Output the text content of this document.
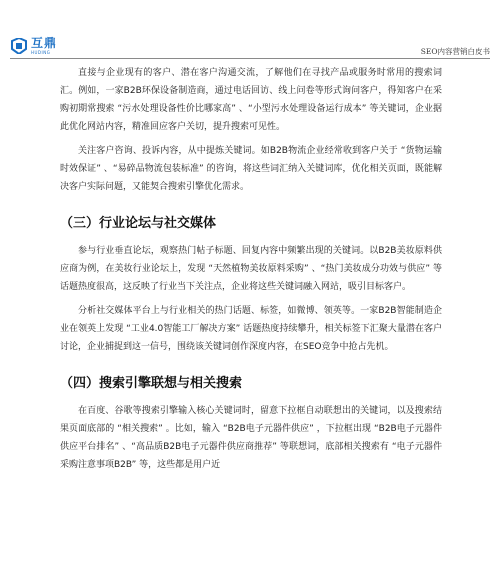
互鼎
HUDING	SEO内容营销白皮书

直接与企业现有的客户、潜在客户沟通交流，了解他们在寻找产品或服务时常用的搜索词汇。例如，一家B2B环保设备制造商，通过电话回访、线上问卷等形式询问客户，得知客户在采购初期常搜索 “污水处理设备性价比哪家高” 、“小型污水处理设备运行成本” 等关键词，企业据此优化网站内容，精准回应客户关切，提升搜索可见性。

关注客户咨询、投诉内容，从中提炼关键词。如B2B物流企业经常收到客户关于 “货物运输时效保证” 、“易碎品物流包装标准” 的咨询，将这些词汇纳入关键词库，优化相关页面，既能解决客户实际问题，又能契合搜索引擎优化需求。

（三）行业论坛与社交媒体

参与行业垂直论坛，观察热门帖子标题、回复内容中频繁出现的关键词。以B2B美妆原料供应商为例，在美妆行业论坛上，发现 “天然植物美妆原料采购” 、“热门美妆成分功效与供应” 等话题热度很高，这反映了行业当下关注点，企业将这些关键词融入网站，吸引目标客户。

分析社交媒体平台上与行业相关的热门话题、标签，如微博、领英等。一家B2B智能制造企业在领英上发现 “工业4.0智能工厂解决方案” 话题热度持续攀升，相关标签下汇聚大量潜在客户讨论，企业捕捉到这一信号，围绕该关键词创作深度内容，在SEO竞争中抢占先机。

（四）搜索引擎联想与相关搜索

在百度、谷歌等搜索引擎输入核心关键词时，留意下拉框自动联想出的关键词，以及搜索结果页面底部的 “相关搜索” 。比如，输入 “B2B电子元器件供应” ，下拉框出现 “B2B电子元器件供应平台排名” 、“高品质B2B电子元器件供应商推荐” 等联想词，底部相关搜索有 “电子元器件采购注意事项B2B” 等，这些都是用户近
